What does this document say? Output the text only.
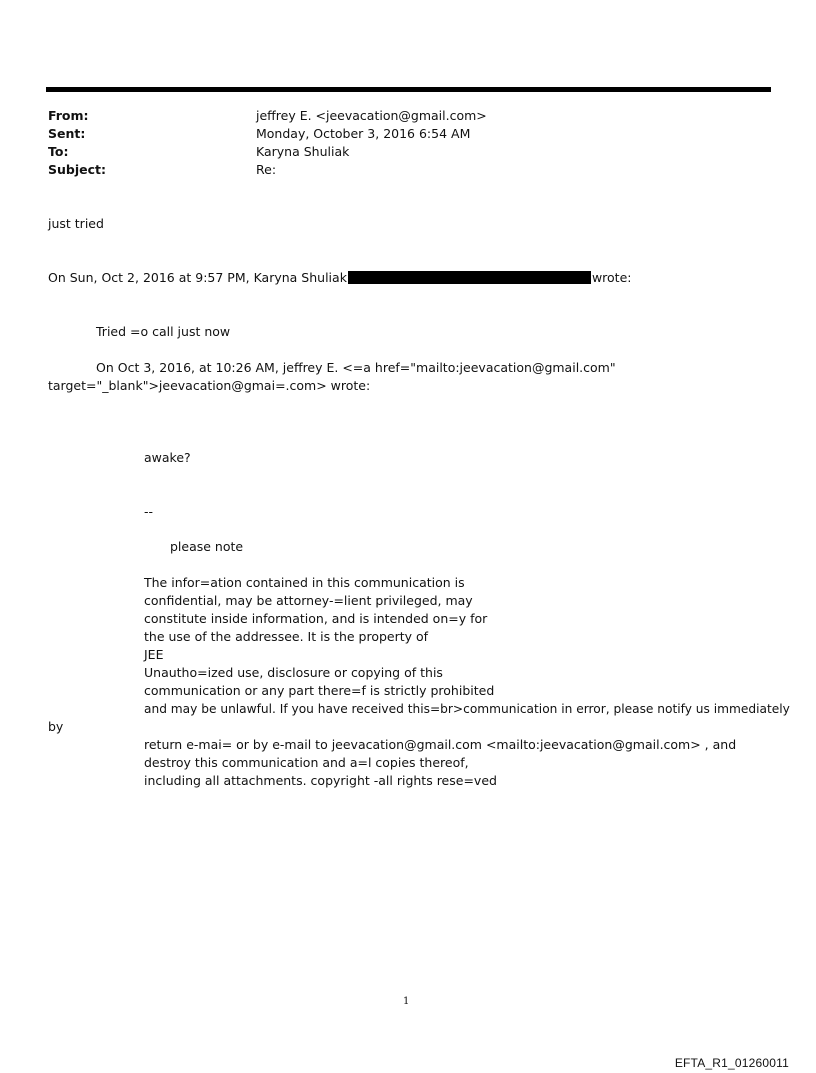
From:	jeffrey E. <jeevacation@gmail.com>
Sent:	Monday, October 3, 2016 6:54 AM
To:	Karyna Shuliak
Subject:	Re:
just tried
On Sun, Oct 2, 2016 at 9:57 PM, Karyna Shuliak	wrote:
Tried =o call just now
On Oct 3, 2016, at 10:26 AM, jeffrey E. <=a href="mailto:jeevacation@gmail.com"
target="_blank">jeevacation@gmai=.com> wrote:
awake?
--
please note
The infor=ation contained in this communication is
confidential, may be attorney-=lient privileged, may
constitute inside information, and is intended on=y for
the use of the addressee. It is the property of
JEE
Unautho=ized use, disclosure or copying of this
communication or any part there=f is strictly prohibited
and may be unlawful. If you have received this=br>communication in error, please notify us immediately
by
return e-mai= or by e-mail to jeevacation@gmail.com <mailto:jeevacation@gmail.com> , and
destroy this communication and a=l copies thereof,
including all attachments. copyright -all rights rese=ved
1
EFTA_R1_01260011
